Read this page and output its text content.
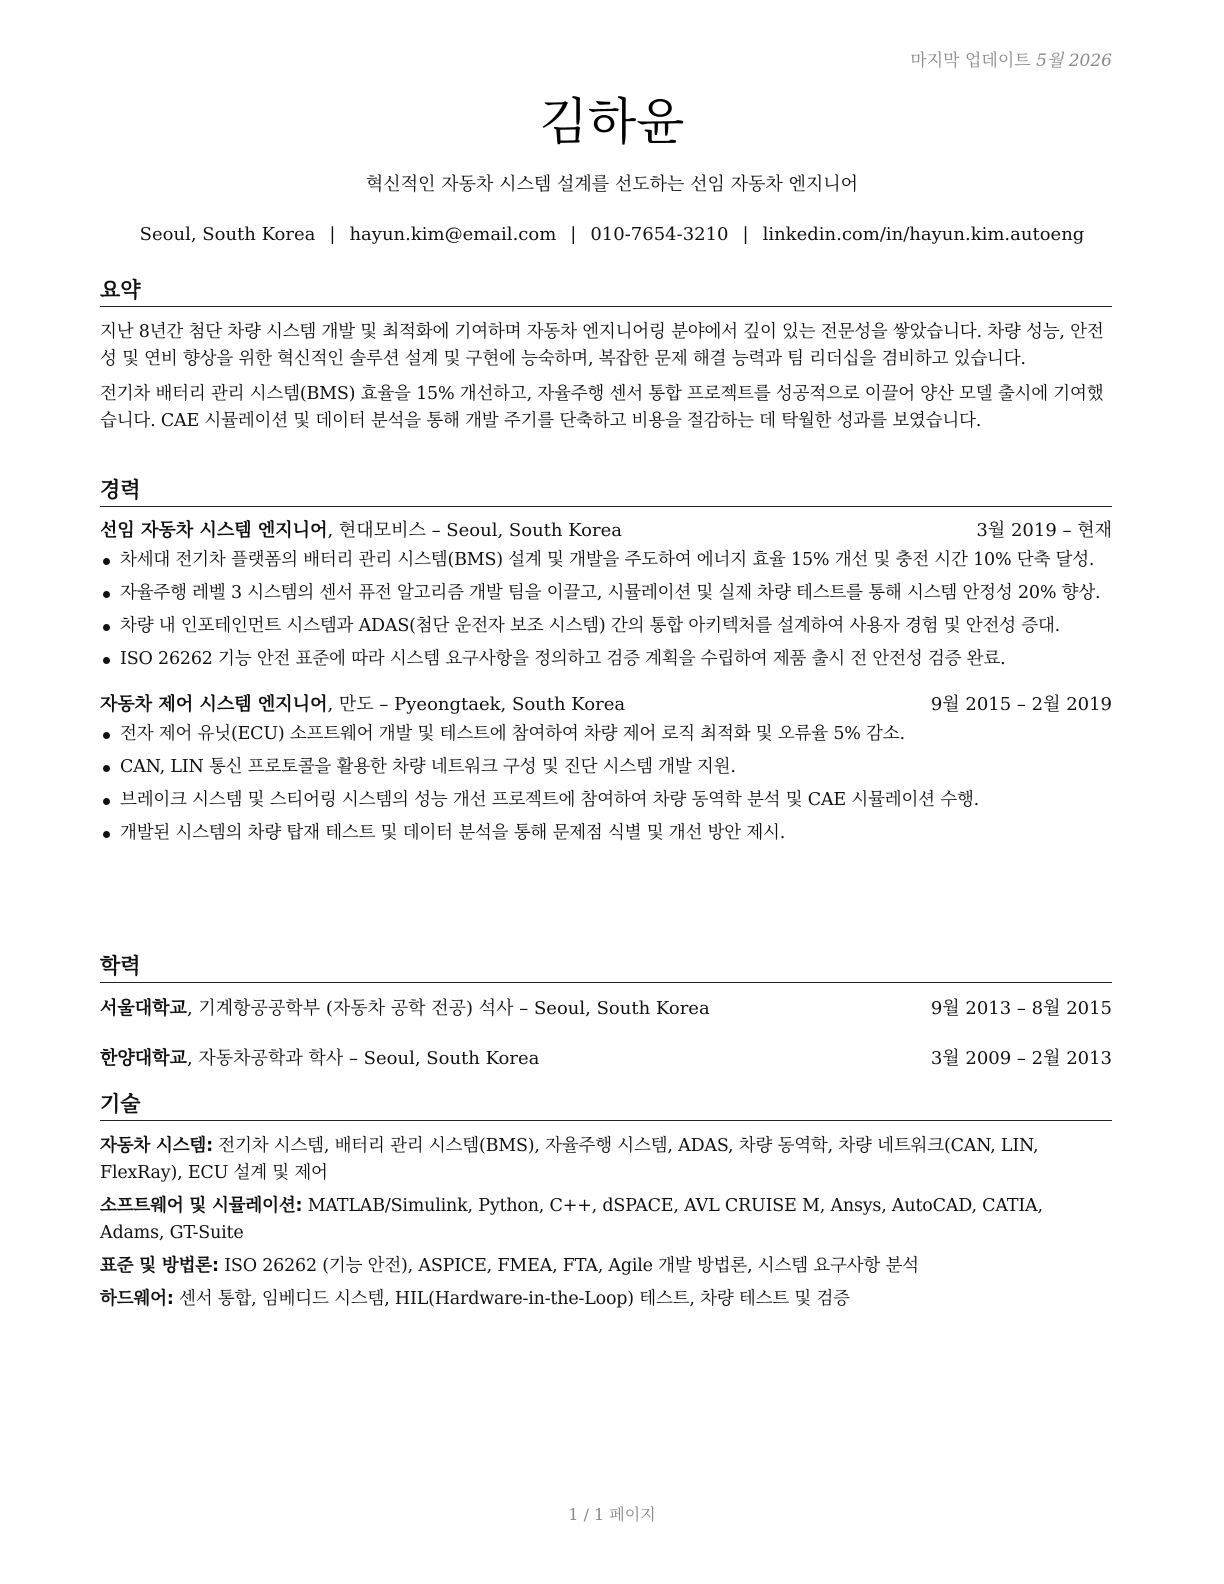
마지막 업데이트 5월 2026
김하윤
혁신적인 자동차 시스템 설계를 선도하는 선임 자동차 엔지니어
Seoul, South Korea | hayun.kim@email.com | 010-7654-3210 | linkedin.com/in/hayun.kim.autoeng
요약

지난 8년간 첨단 차량 시스템 개발 및 최적화에 기여하며 자동차 엔지니어링 분야에서 깊이 있는 전문성을 쌓았습니다. 차량 성능, 안전성 및 연비 향상을 위한 혁신적인 솔루션 설계 및 구현에 능숙하며, 복잡한 문제 해결 능력과 팀 리더십을 겸비하고 있습니다.

전기차 배터리 관리 시스템(BMS) 효율을 15% 개선하고, 자율주행 센서 통합 프로젝트를 성공적으로 이끌어 양산 모델 출시에 기여했습니다. CAE 시뮬레이션 및 데이터 분석을 통해 개발 주기를 단축하고 비용을 절감하는 데 탁월한 성과를 보였습니다.

경력
선임 자동차 시스템 엔지니어, 현대모비스 – Seoul, South Korea	3월 2019 – 현재
차세대 전기차 플랫폼의 배터리 관리 시스템(BMS) 설계 및 개발을 주도하여 에너지 효율 15% 개선 및 충전 시간 10% 단축 달성.
자율주행 레벨 3 시스템의 센서 퓨전 알고리즘 개발 팀을 이끌고, 시뮬레이션 및 실제 차량 테스트를 통해 시스템 안정성 20% 향상.
차량 내 인포테인먼트 시스템과 ADAS(첨단 운전자 보조 시스템) 간의 통합 아키텍처를 설계하여 사용자 경험 및 안전성 증대.
ISO 26262 기능 안전 표준에 따라 시스템 요구사항을 정의하고 검증 계획을 수립하여 제품 출시 전 안전성 검증 완료.
자동차 제어 시스템 엔지니어, 만도 – Pyeongtaek, South Korea	9월 2015 – 2월 2019
전자 제어 유닛(ECU) 소프트웨어 개발 및 테스트에 참여하여 차량 제어 로직 최적화 및 오류율 5% 감소.
CAN, LIN 통신 프로토콜을 활용한 차량 네트워크 구성 및 진단 시스템 개발 지원.
브레이크 시스템 및 스티어링 시스템의 성능 개선 프로젝트에 참여하여 차량 동역학 분석 및 CAE 시뮬레이션 수행.
개발된 시스템의 차량 탑재 테스트 및 데이터 분석을 통해 문제점 식별 및 개선 방안 제시.
학력
서울대학교, 기계항공공학부 (자동차 공학 전공) 석사 – Seoul, South Korea	9월 2013 – 8월 2015
한양대학교, 자동차공학과 학사 – Seoul, South Korea	3월 2009 – 2월 2013
기술

자동차 시스템: 전기차 시스템, 배터리 관리 시스템(BMS), 자율주행 시스템, ADAS, 차량 동역학, 차량 네트워크(CAN, LIN, FlexRay), ECU 설계 및 제어

소프트웨어 및 시뮬레이션: MATLAB/Simulink, Python, C++, dSPACE, AVL CRUISE M, Ansys, AutoCAD, CATIA, Adams, GT-Suite

표준 및 방법론: ISO 26262 (기능 안전), ASPICE, FMEA, FTA, Agile 개발 방법론, 시스템 요구사항 분석

하드웨어: 센서 통합, 임베디드 시스템, HIL(Hardware-in-the-Loop) 테스트, 차량 테스트 및 검증

1 / 1 페이지
